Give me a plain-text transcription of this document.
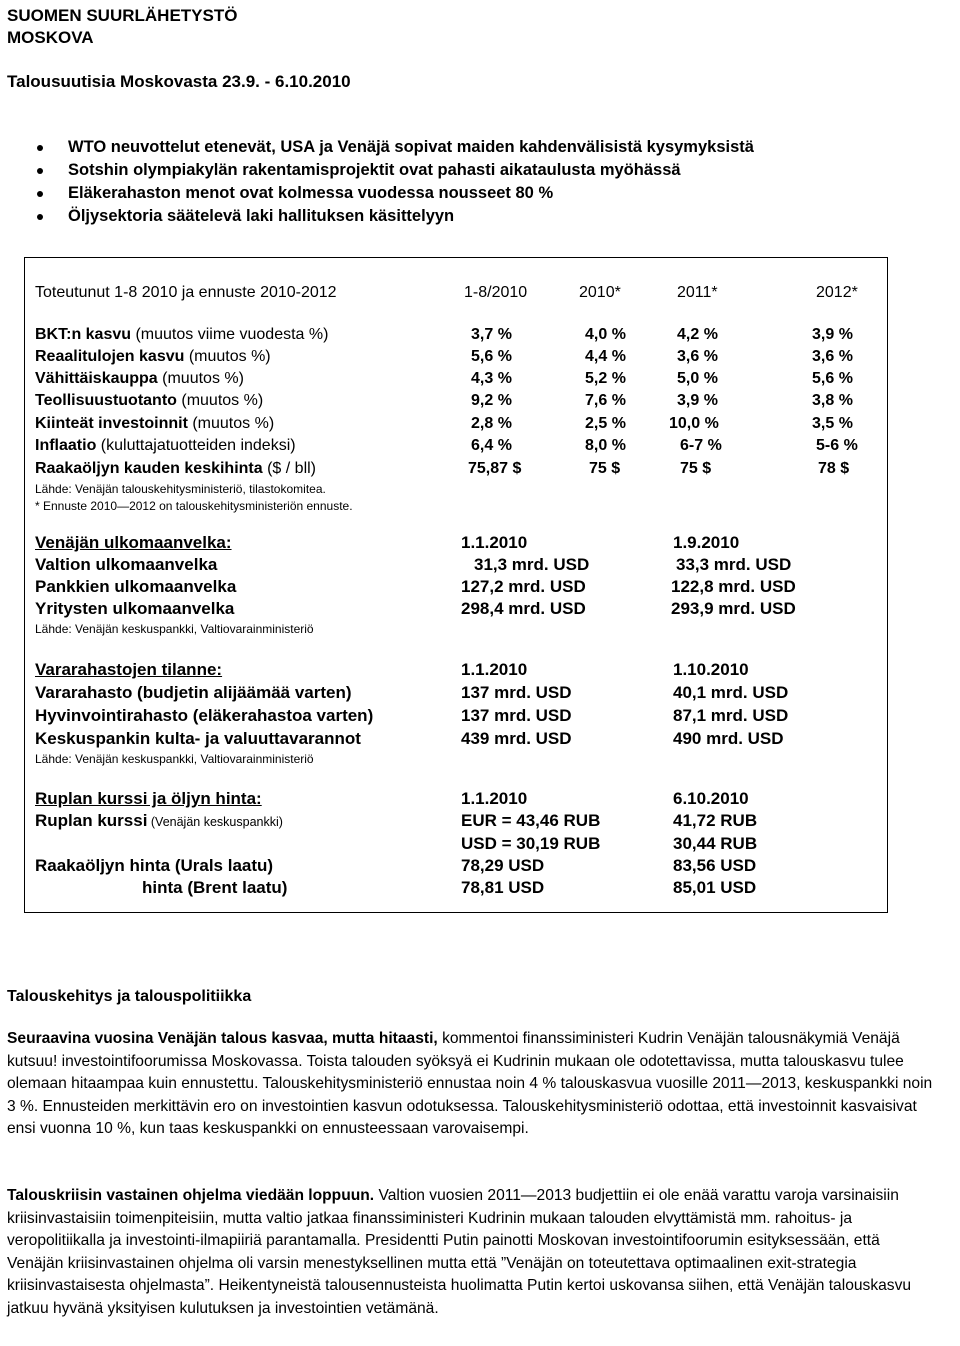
SUOMEN SUURLÄHETYSTÖ
MOSKOVA
Talousuutisia Moskovasta 23.9. - 6.10.2010
WTO neuvottelut etenevät, USA ja Venäjä sopivat maiden kahdenvälisistä kysymyksistä
Sotshin olympiakylän rakentamisprojektit ovat pahasti aikataulusta myöhässä
Eläkerahaston menot ovat kolmessa vuodessa nousseet 80 %
Öljysektoria säätelevä laki hallituksen käsittelyyn
Toteutunut 1-8 2010 ja ennuste 2010-2012	1-8/2010	2010*	2011*	2012*
BKT:n kasvu (muutos viime vuodesta %)	3,7 %	4,0 %	4,2 %	3,9 %
Reaalitulojen kasvu (muutos %)	5,6 %	4,4 %	3,6 %	3,6 %
Vähittäiskauppa (muutos %)	4,3 %	5,2 %	5,0 %	5,6 %
Teollisuustuotanto (muutos %)	9,2 %	7,6 %	3,9 %	3,8 %
Kiinteät investoinnit (muutos %)	2,8 %	2,5 %	10,0 %	3,5 %
Inflaatio (kuluttajatuotteiden indeksi)	6,4 %	8,0 %	6-7 %	5-6 %
Raakaöljyn kauden keskihinta ($ / bll)	75,87 $	75 $	75 $	78 $
Lähde: Venäjän talouskehitysministeriö, tilastokomitea.
* Ennuste 2010—2012 on talouskehitysministeriön ennuste.
Venäjän ulkomaanvelka:	1.1.2010	1.9.2010
Valtion ulkomaanvelka	31,3 mrd. USD	33,3 mrd. USD
Pankkien ulkomaanvelka	127,2 mrd. USD	122,8 mrd. USD
Yritysten ulkomaanvelka	298,4 mrd. USD	293,9 mrd. USD
Lähde: Venäjän keskuspankki, Valtiovarainministeriö
Vararahastojen tilanne:	1.1.2010	1.10.2010
Vararahasto (budjetin alijäämää varten)	137 mrd. USD	40,1 mrd. USD
Hyvinvointirahasto (eläkerahastoa varten)	137 mrd. USD	87,1 mrd. USD
Keskuspankin kulta- ja valuuttavarannot	439 mrd. USD	490 mrd. USD
Lähde: Venäjän keskuspankki, Valtiovarainministeriö
Ruplan kurssi ja öljyn hinta:	1.1.2010	6.10.2010
Ruplan kurssi (Venäjän keskuspankki)	EUR = 43,46 RUB	41,72 RUB
USD = 30,19 RUB	30,44 RUB
Raakaöljyn hinta (Urals laatu)	78,29 USD	83,56 USD
hinta (Brent laatu)	78,81 USD	85,01 USD
Talouskehitys ja talouspolitiikka
Seuraavina vuosina Venäjän talous kasvaa, mutta hitaasti, kommentoi finanssiministeri Kudrin Venäjän talousnäkymiä Venäjä kutsuu! investointifoorumissa Moskovassa. Toista talouden syöksyä ei Kudrinin mukaan ole odotettavissa, mutta talouskasvu tulee olemaan hitaampaa kuin ennustettu. Talouskehitysministeriö ennustaa noin 4 % talouskasvua vuosille 2011—2013, keskuspankki noin 3 %. Ennusteiden merkittävin ero on investointien kasvun odotuksessa. Talouskehitysministeriö odottaa, että investoinnit kasvaisivat ensi vuonna 10 %, kun taas keskuspankki on ennusteessaan varovaisempi.
Talouskriisin vastainen ohjelma viedään loppuun. Valtion vuosien 2011—2013 budjettiin ei ole enää varattu varoja varsinaisiin kriisinvastaisiin toimenpiteisiin, mutta valtio jatkaa finanssiministeri Kudrinin mukaan talouden elvyttämistä mm. rahoitus- ja veropolitiikalla ja investointi-ilmapiiriä parantamalla. Presidentti Putin painotti Moskovan investointifoorumin esityksessään, että Venäjän kriisinvastainen ohjelma oli varsin menestyksellinen mutta että ”Venäjän on toteutettava optimaalinen exit-strategia kriisinvastaisesta ohjelmasta”. Heikentyneistä talousennusteista huolimatta Putin kertoi uskovansa siihen, että Venäjän talouskasvu jatkuu hyvänä yksityisen kulutuksen ja investointien vetämänä.
